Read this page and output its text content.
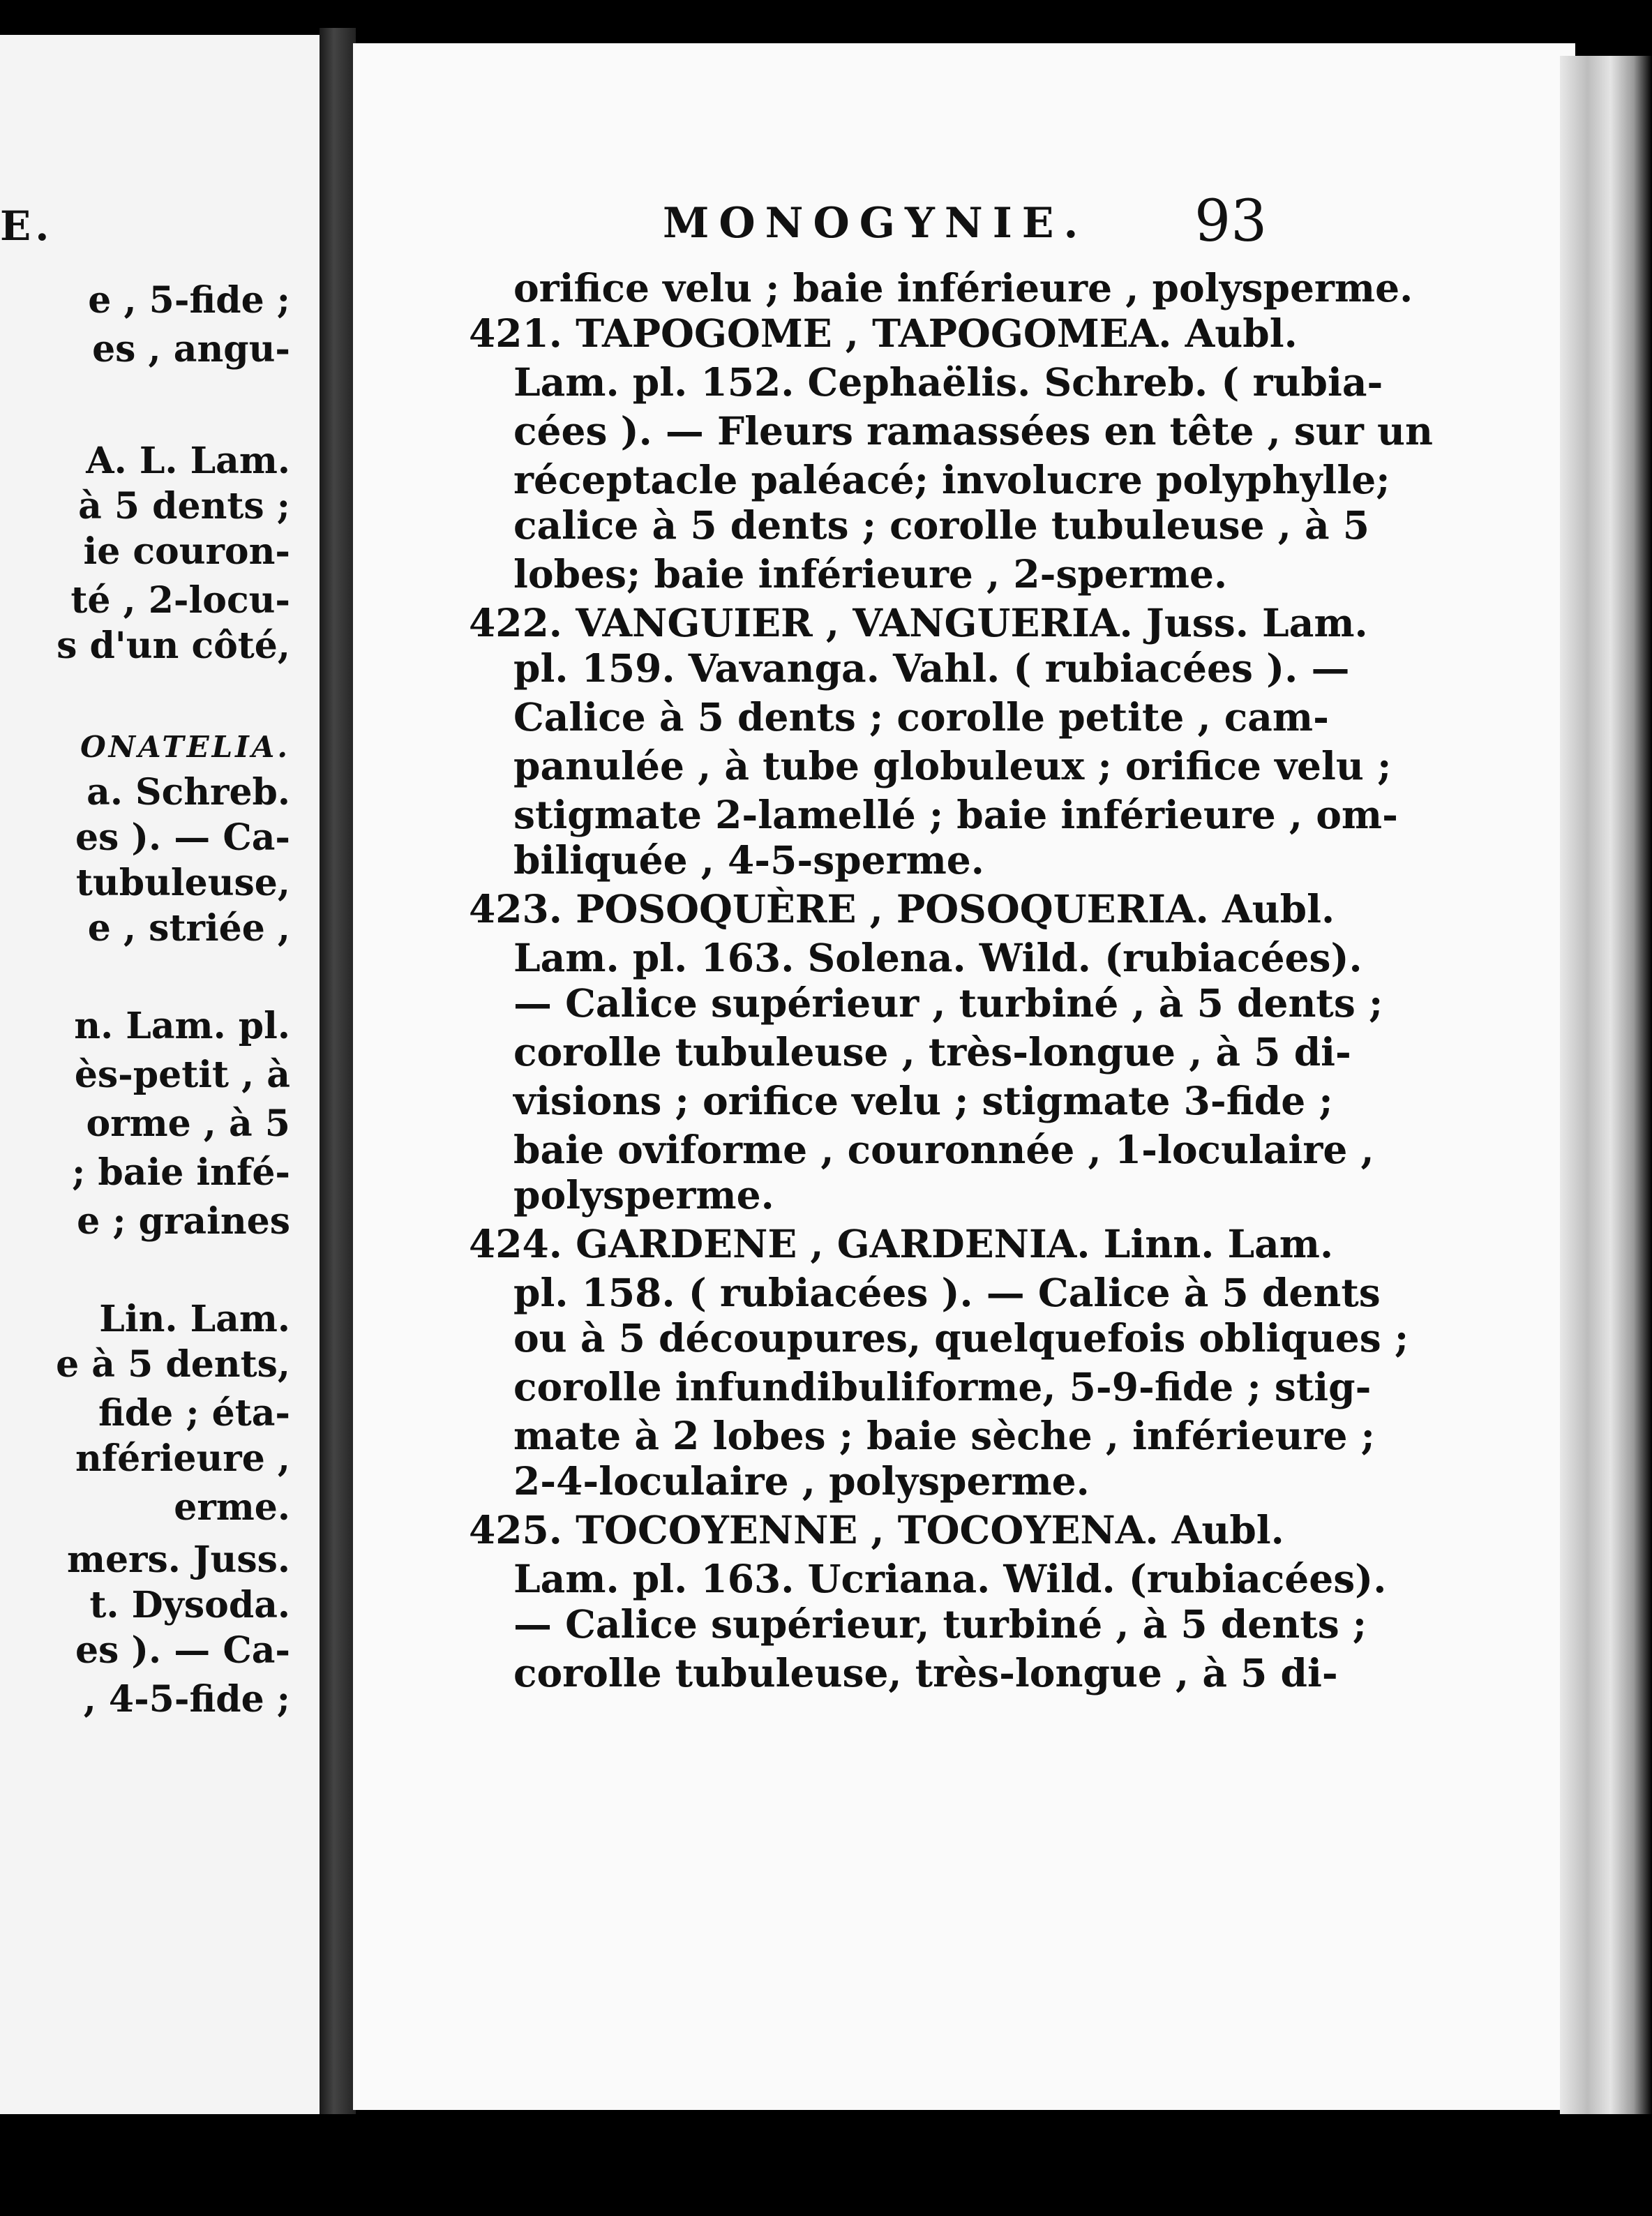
E.
e , 5-fide ;
es , angu-
A. L. Lam.
à 5 dents ;
ie couron-
té , 2-locu-
s d'un côté,
ONATELIA.
a. Schreb.
es ). — Ca-
tubuleuse,
e , striée ,
n. Lam. pl.
ès-petit , à
orme , à 5
; baie infé-
e ; graines
Lin. Lam.
e à 5 dents,
fide ; éta-
nférieure ,
erme.
mers. Juss.
t. Dysoda.
es ). — Ca-
, 4-5-fide ;
MONOGYNIE. 93
orifice velu ; baie inférieure , polysperme.
421. TAPOGOME , TAPOGOMEA. Aubl.
Lam. pl. 152. Cephaëlis. Schreb. ( rubia-
cées ). — Fleurs ramassées en tête , sur un
réceptacle paléacé; involucre polyphylle;
calice à 5 dents ; corolle tubuleuse , à 5
lobes; baie inférieure , 2-sperme.
422. VANGUIER , VANGUERIA. Juss. Lam.
pl. 159. Vavanga. Vahl. ( rubiacées ). —
Calice à 5 dents ; corolle petite , cam-
panulée , à tube globuleux ; orifice velu ;
stigmate 2-lamellé ; baie inférieure , om-
biliquée , 4-5-sperme.
423. POSOQUÈRE , POSOQUERIA. Aubl.
Lam. pl. 163. Solena. Wild. (rubiacées).
— Calice supérieur , turbiné , à 5 dents ;
corolle tubuleuse , très-longue , à 5 di-
visions ; orifice velu ; stigmate 3-fide ;
baie oviforme , couronnée , 1-loculaire ,
polysperme.
424. GARDENE , GARDENIA. Linn. Lam.
pl. 158. ( rubiacées ). — Calice à 5 dents
ou à 5 découpures, quelquefois obliques ;
corolle infundibuliforme, 5-9-fide ; stig-
mate à 2 lobes ; baie sèche , inférieure ;
2-4-loculaire , polysperme.
425. TOCOYENNE , TOCOYENA. Aubl.
Lam. pl. 163. Ucriana. Wild. (rubiacées).
— Calice supérieur, turbiné , à 5 dents ;
corolle tubuleuse, très-longue , à 5 di-
